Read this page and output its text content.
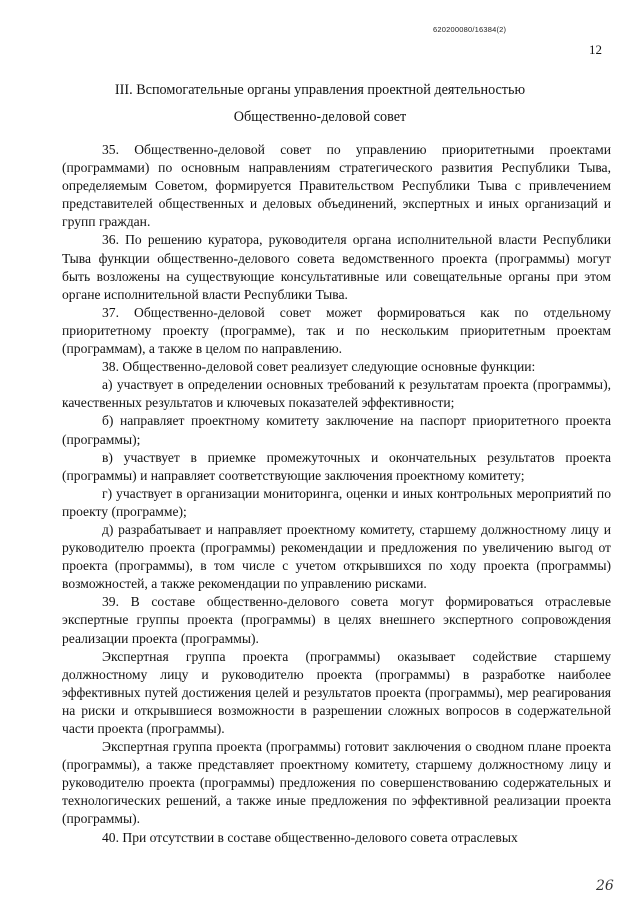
620200080/16384(2)
12
III. Вспомогательные органы управления проектной деятельностью
Общественно-деловой совет

35. Общественно-деловой совет по управлению приоритетными проектами (программами) по основным направлениям стратегического развития Республики Тыва, определяемым Советом, формируется Правительством Республики Тыва с привлечением представителей общественных и деловых объединений, экспертных и иных организаций и групп граждан.

36. По решению куратора, руководителя органа исполнительной власти Республики Тыва функции общественно-делового совета ведомственного проекта (программы) могут быть возложены на существующие консультативные или совещательные органы при этом органе исполнительной власти Республики Тыва.

37. Общественно-деловой совет может формироваться как по отдельному приоритетному проекту (программе), так и по нескольким приоритетным проектам (программам), а также в целом по направлению.

38. Общественно-деловой совет реализует следующие основные функции:

а) участвует в определении основных требований к результатам проекта (программы), качественных результатов и ключевых показателей эффективности;

б) направляет проектному комитету заключение на паспорт приоритетного проекта (программы);

в) участвует в приемке промежуточных и окончательных результатов проекта (программы) и направляет соответствующие заключения проектному комитету;

г) участвует в организации мониторинга, оценки и иных контрольных мероприятий по проекту (программе);

д) разрабатывает и направляет проектному комитету, старшему должностному лицу и руководителю проекта (программы) рекомендации и предложения по увеличению выгод от проекта (программы), в том числе с учетом открывшихся по ходу проекта (программы) возможностей, а также рекомендации по управлению рисками.

39. В составе общественно-делового совета могут формироваться отраслевые экспертные группы проекта (программы) в целях внешнего экспертного сопровождения реализации проекта (программы).

Экспертная группа проекта (программы) оказывает содействие старшему должностному лицу и руководителю проекта (программы) в разработке наиболее эффективных путей достижения целей и результатов проекта (программы), мер реагирования на риски и открывшиеся возможности в разрешении сложных вопросов в содержательной части проекта (программы).

Экспертная группа проекта (программы) готовит заключения о сводном плане проекта (программы), а также представляет проектному комитету, старшему должностному лицу и руководителю проекта (программы) предложения по совершенствованию содержательных и технологических решений, а также иные предложения по эффективной реализации проекта (программы).

40. При отсутствии в составе общественно-делового совета отраслевых

26
